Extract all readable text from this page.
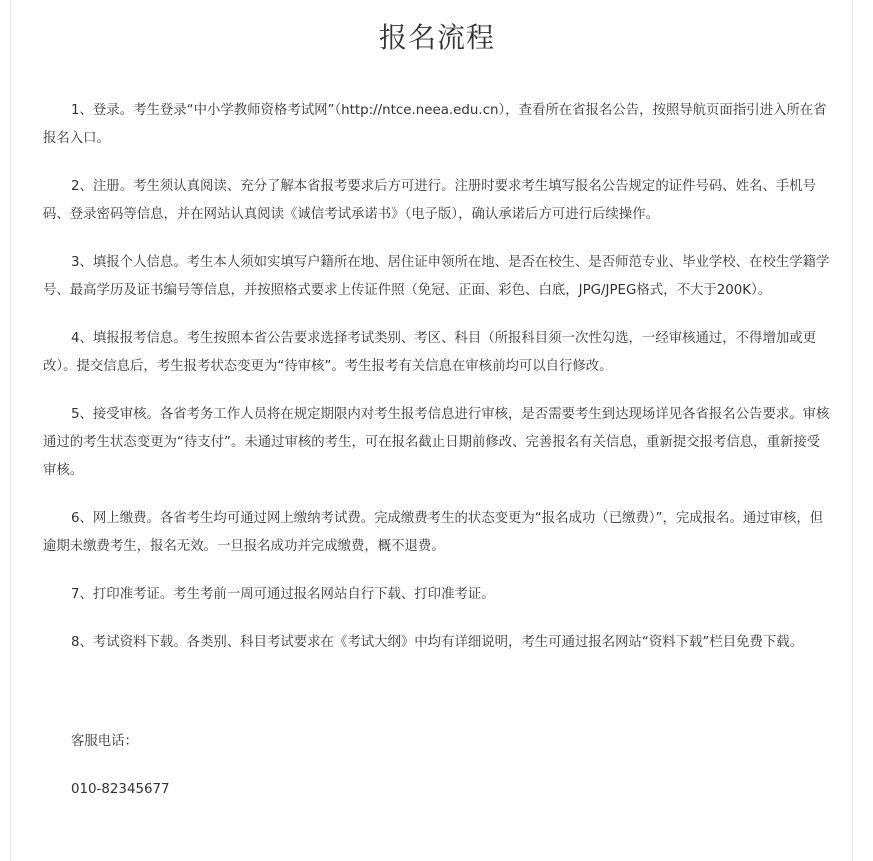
报名流程

1、登录。考生登录“中小学教师资格考试网”（http://ntce.neea.edu.cn），查看所在省报名公告，按照导航页面指引进入所在省报名入口。

2、注册。考生须认真阅读、充分了解本省报考要求后方可进行。注册时要求考生填写报名公告规定的证件号码、姓名、手机号码、登录密码等信息，并在网站认真阅读《诚信考试承诺书》（电子版），确认承诺后方可进行后续操作。

3、填报个人信息。考生本人须如实填写户籍所在地、居住证申领所在地、是否在校生、是否师范专业、毕业学校、在校生学籍学号、最高学历及证书编号等信息，并按照格式要求上传证件照（免冠、正面、彩色、白底，JPG/JPEG格式，不大于200K）。

4、填报报考信息。考生按照本省公告要求选择考试类别、考区、科目（所报科目须一次性勾选，一经审核通过，不得增加或更改）。提交信息后，考生报考状态变更为“待审核”。考生报考有关信息在审核前均可以自行修改。

5、接受审核。各省考务工作人员将在规定期限内对考生报考信息进行审核，是否需要考生到达现场详见各省报名公告要求。审核通过的考生状态变更为“待支付”。未通过审核的考生，可在报名截止日期前修改、完善报名有关信息，重新提交报考信息，重新接受审核。

6、网上缴费。各省考生均可通过网上缴纳考试费。完成缴费考生的状态变更为“报名成功（已缴费）”，完成报名。通过审核，但逾期未缴费考生，报名无效。一旦报名成功并完成缴费，概不退费。

7、打印准考证。考生考前一周可通过报名网站自行下载、打印准考证。

8、考试资料下载。各类别、科目考试要求在《考试大纲》中均有详细说明，考生可通过报名网站“资料下载”栏目免费下载。

客服电话：

010-82345677
